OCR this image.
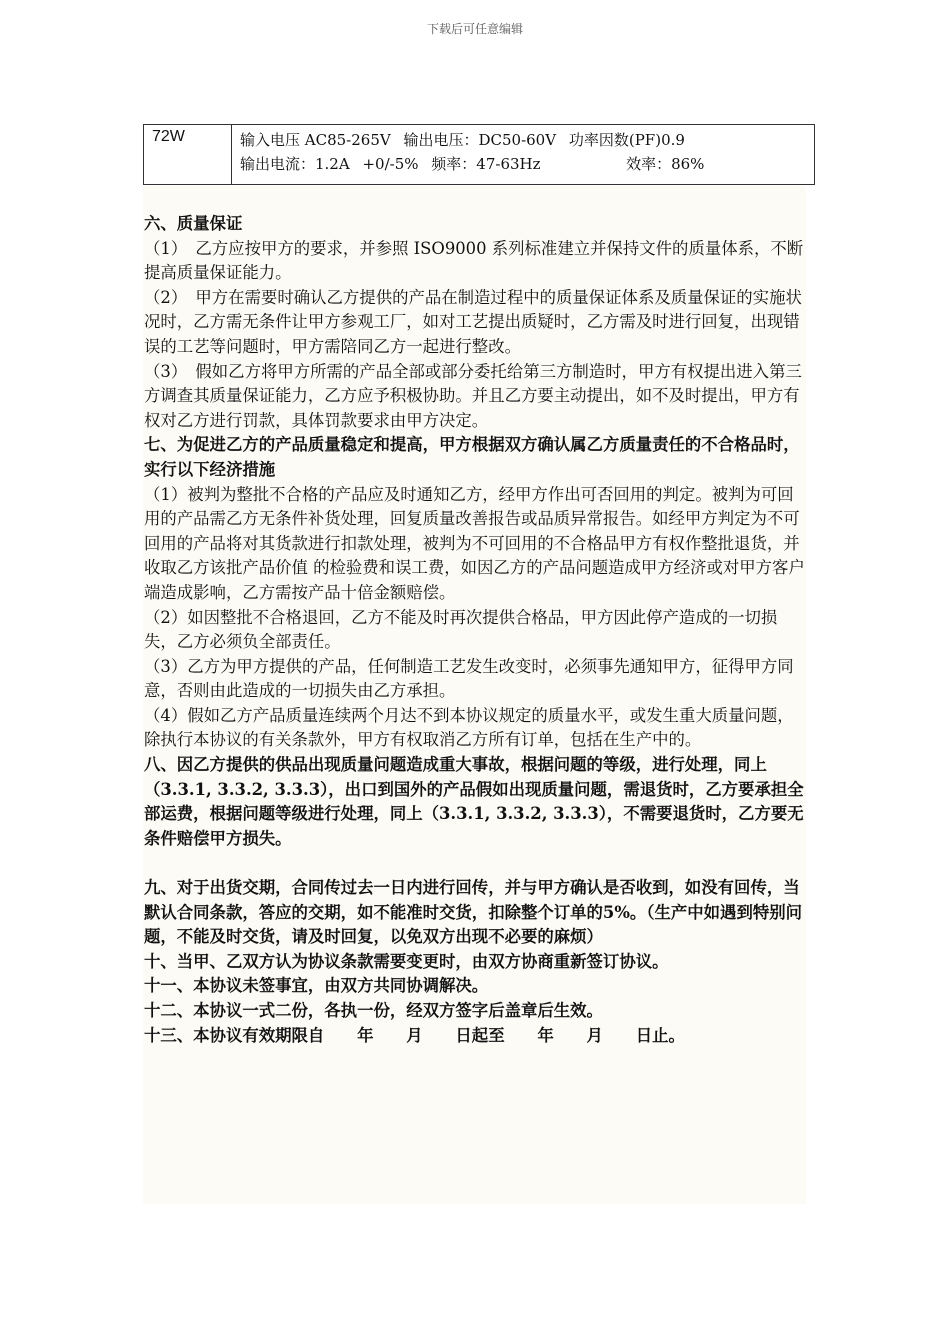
下载后可任意编辑
72W	输入电压 AC85-265V 输出电压：DC50-60V 功率因数(PF)0.9
输出电流：1.2A +0/-5% 频率：47-63Hz	效率：86%

六、质量保证

（1）　乙方应按甲方的要求，并参照 ISO9000 系列标准建立并保持文件的质量体系，不断提高质量保证能力。

（2）　甲方在需要时确认乙方提供的产品在制造过程中的质量保证体系及质量保证的实施状况时，乙方需无条件让甲方参观工厂，如对工艺提出质疑时，乙方需及时进行回复，出现错误的工艺等问题时，甲方需陪同乙方一起进行整改。

（3）　假如乙方将甲方所需的产品全部或部分委托给第三方制造时，甲方有权提出进入第三方调查其质量保证能力，乙方应予积极协助。并且乙方要主动提出，如不及时提出，甲方有权对乙方进行罚款，具体罚款要求由甲方决定。

七、为促进乙方的产品质量稳定和提高，甲方根据双方确认属乙方质量责任的不合格品时，实行以下经济措施

（1）被判为整批不合格的产品应及时通知乙方，经甲方作出可否回用的判定。被判为可回用的产品需乙方无条件补货处理，回复质量改善报告或品质异常报告。如经甲方判定为不可回用的产品将对其货款进行扣款处理，被判为不可回用的不合格品甲方有权作整批退货，并收取乙方该批产品价值 的检验费和误工费，如因乙方的产品问题造成甲方经济或对甲方客户端造成影响，乙方需按产品十倍金额赔偿。

（2）如因整批不合格退回，乙方不能及时再次提供合格品，甲方因此停产造成的一切损失，乙方必须负全部责任。

（3）乙方为甲方提供的产品，任何制造工艺发生改变时，必须事先通知甲方，征得甲方同意，否则由此造成的一切损失由乙方承担。

（4）假如乙方产品质量连续两个月达不到本协议规定的质量水平，或发生重大质量问题，除执行本协议的有关条款外，甲方有权取消乙方所有订单，包括在生产中的。

八、因乙方提供的供品出现质量问题造成重大事故，根据问题的等级，进行处理，同上（3.3.1, 3.3.2, 3.3.3），出口到国外的产品假如出现质量问题，需退货时，乙方要承担全部运费，根据问题等级进行处理，同上（3.3.1, 3.3.2, 3.3.3），不需要退货时，乙方要无条件赔偿甲方损失。

九、对于出货交期，合同传过去一日内进行回传，并与甲方确认是否收到，如没有回传，当默认合同条款，答应的交期，如不能准时交货，扣除整个订单的5%。（生产中如遇到特别问题，不能及时交货，请及时回复，以免双方出现不必要的麻烦）

十、当甲、乙双方认为协议条款需要变更时，由双方协商重新签订协议。

十一、本协议未签事宜，由双方共同协调解决。

十二、本协议一式二份，各执一份，经双方签字后盖章后生效。

十三、本协议有效期限自　　年　　月　　日起至　　年　　月　　日止。
